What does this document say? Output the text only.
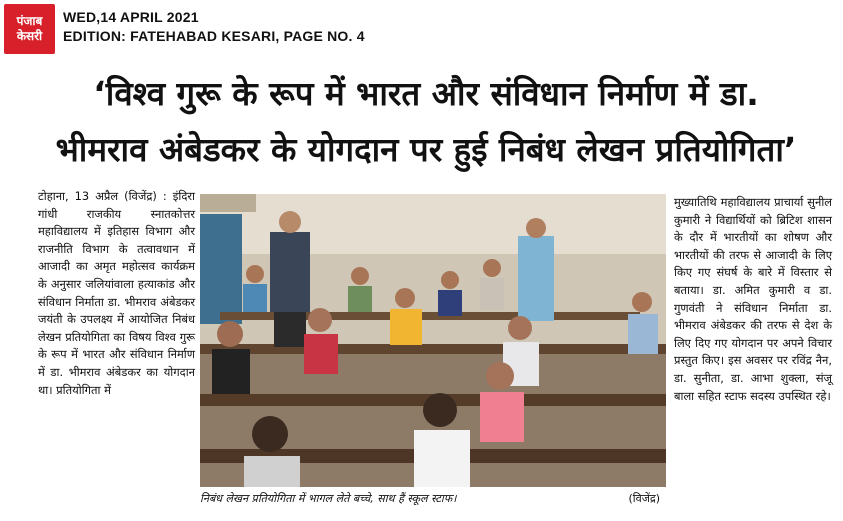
पंजाब
केसरी
WED,14 APRIL 2021
EDITION: FATEHABAD KESARI, PAGE NO. 4
‘विश्व गुरू के रूप में भारत और संविधान निर्माण में डा.
भीमराव अंबेडकर के योगदान पर हुई निबंध लेखन प्रतियोगिता’
टोहाना, 13 अप्रैल (विजेंद्र) : इंदिरा गांधी राजकीय स्नातकोत्तर महाविद्यालय में इतिहास विभाग और राजनीति विभाग के तत्वावधान में आजादी का अमृत महोत्सव कार्यक्रम के अनुसार जलियांवाला हत्याकांड और संविधान निर्माता डा. भीमराव अंबेडकर जयंती के उपलक्ष्य में आयोजित निबंध लेखन प्रतियोगिता का विषय विश्व गुरू के रूप में भारत और संविधान निर्माण में डा. भीमराव अंबेडकर का योगदान था। प्रतियोगिता में
निबंध लेखन प्रतियोगिता में भागल लेते बच्चे, साथ हैं स्कूल स्टाफ।	(विजेंद्र)
मुख्यातिथि महाविद्यालय प्राचार्या सुनील कुमारी ने विद्यार्थियों को ब्रिटिश शासन के दौर में भारतीयों का शोषण और भारतीयों की तरफ से आजादी के लिए किए गए संघर्ष के बारे में विस्तार से बताया। डा. अमित कुमारी व डा. गुणवंती ने संविधान निर्माता डा. भीमराव अंबेडकर की तरफ से देश के लिए दिए गए योगदान पर अपने विचार प्रस्तुत किए। इस अवसर पर रविंद्र नैन, डा. सुनीता, डा. आभा शुक्ला, संजू बाला सहित स्टाफ सदस्य उपस्थित रहे।
